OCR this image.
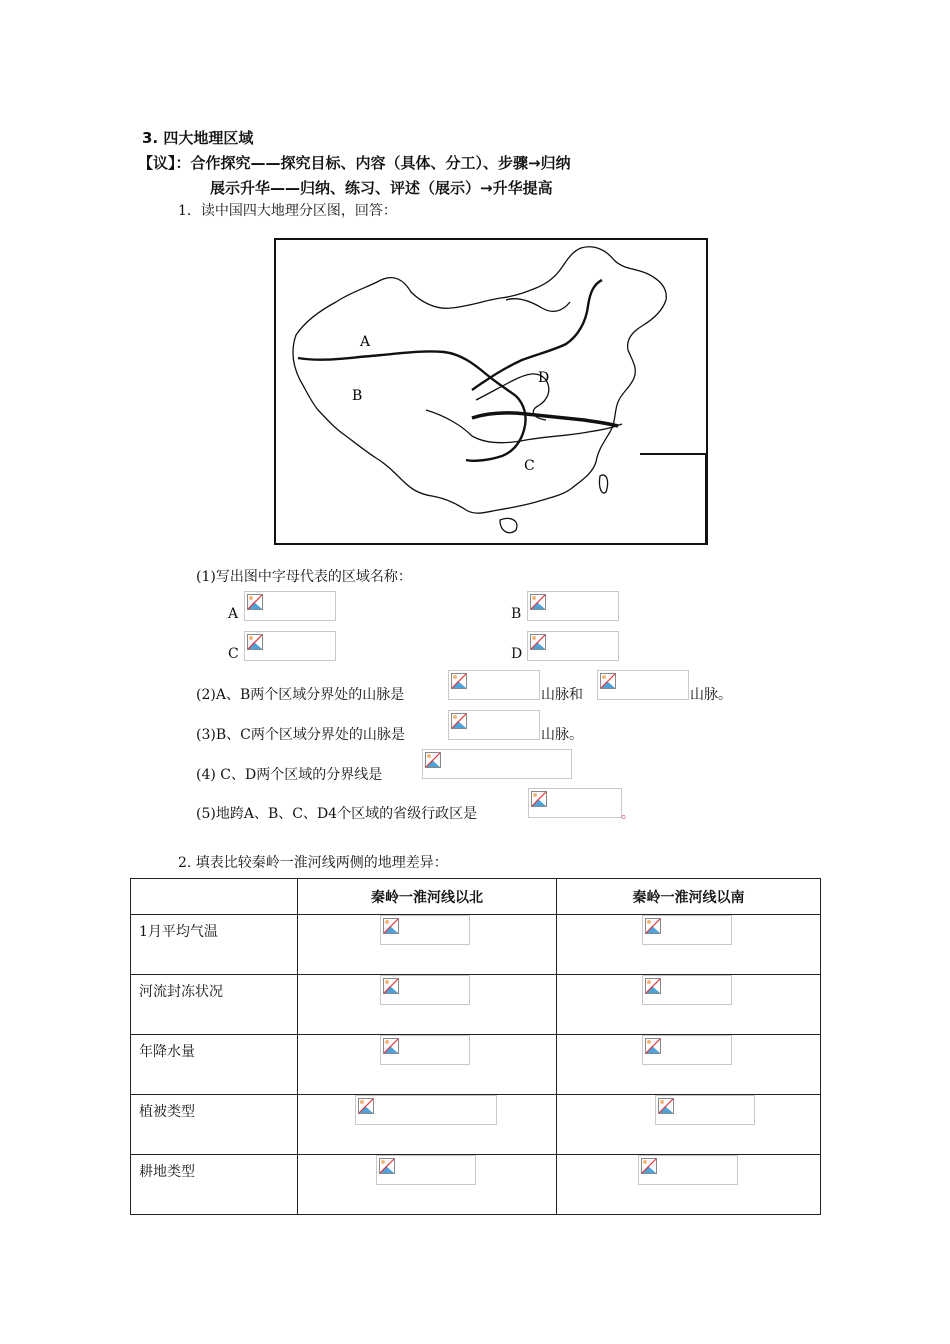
3. 四大地理区域
【议】：合作探究——探究目标、内容（具体、分工）、步骤→归纳
展示升华——归纳、练习、评述（展示）→升华提高
1．读中国四大地理分区图，回答：
A
B
C
D
(1)写出图中字母代表的区域名称：
A	B
C	D
(2)A、B两个区域分界处的山脉是	山脉和	山脉。
(3)B、C两个区域分界处的山脉是	山脉。
(4) C、D两个区域的分界线是
(5)地跨A、B、C、D4个区域的省级行政区是	。
2. 填表比较秦岭一淮河线两侧的地理差异：
	秦岭一淮河线以北	秦岭一淮河线以南
1月平均气温	

河流封冻状况	

年降水量	

植被类型	

耕地类型	
